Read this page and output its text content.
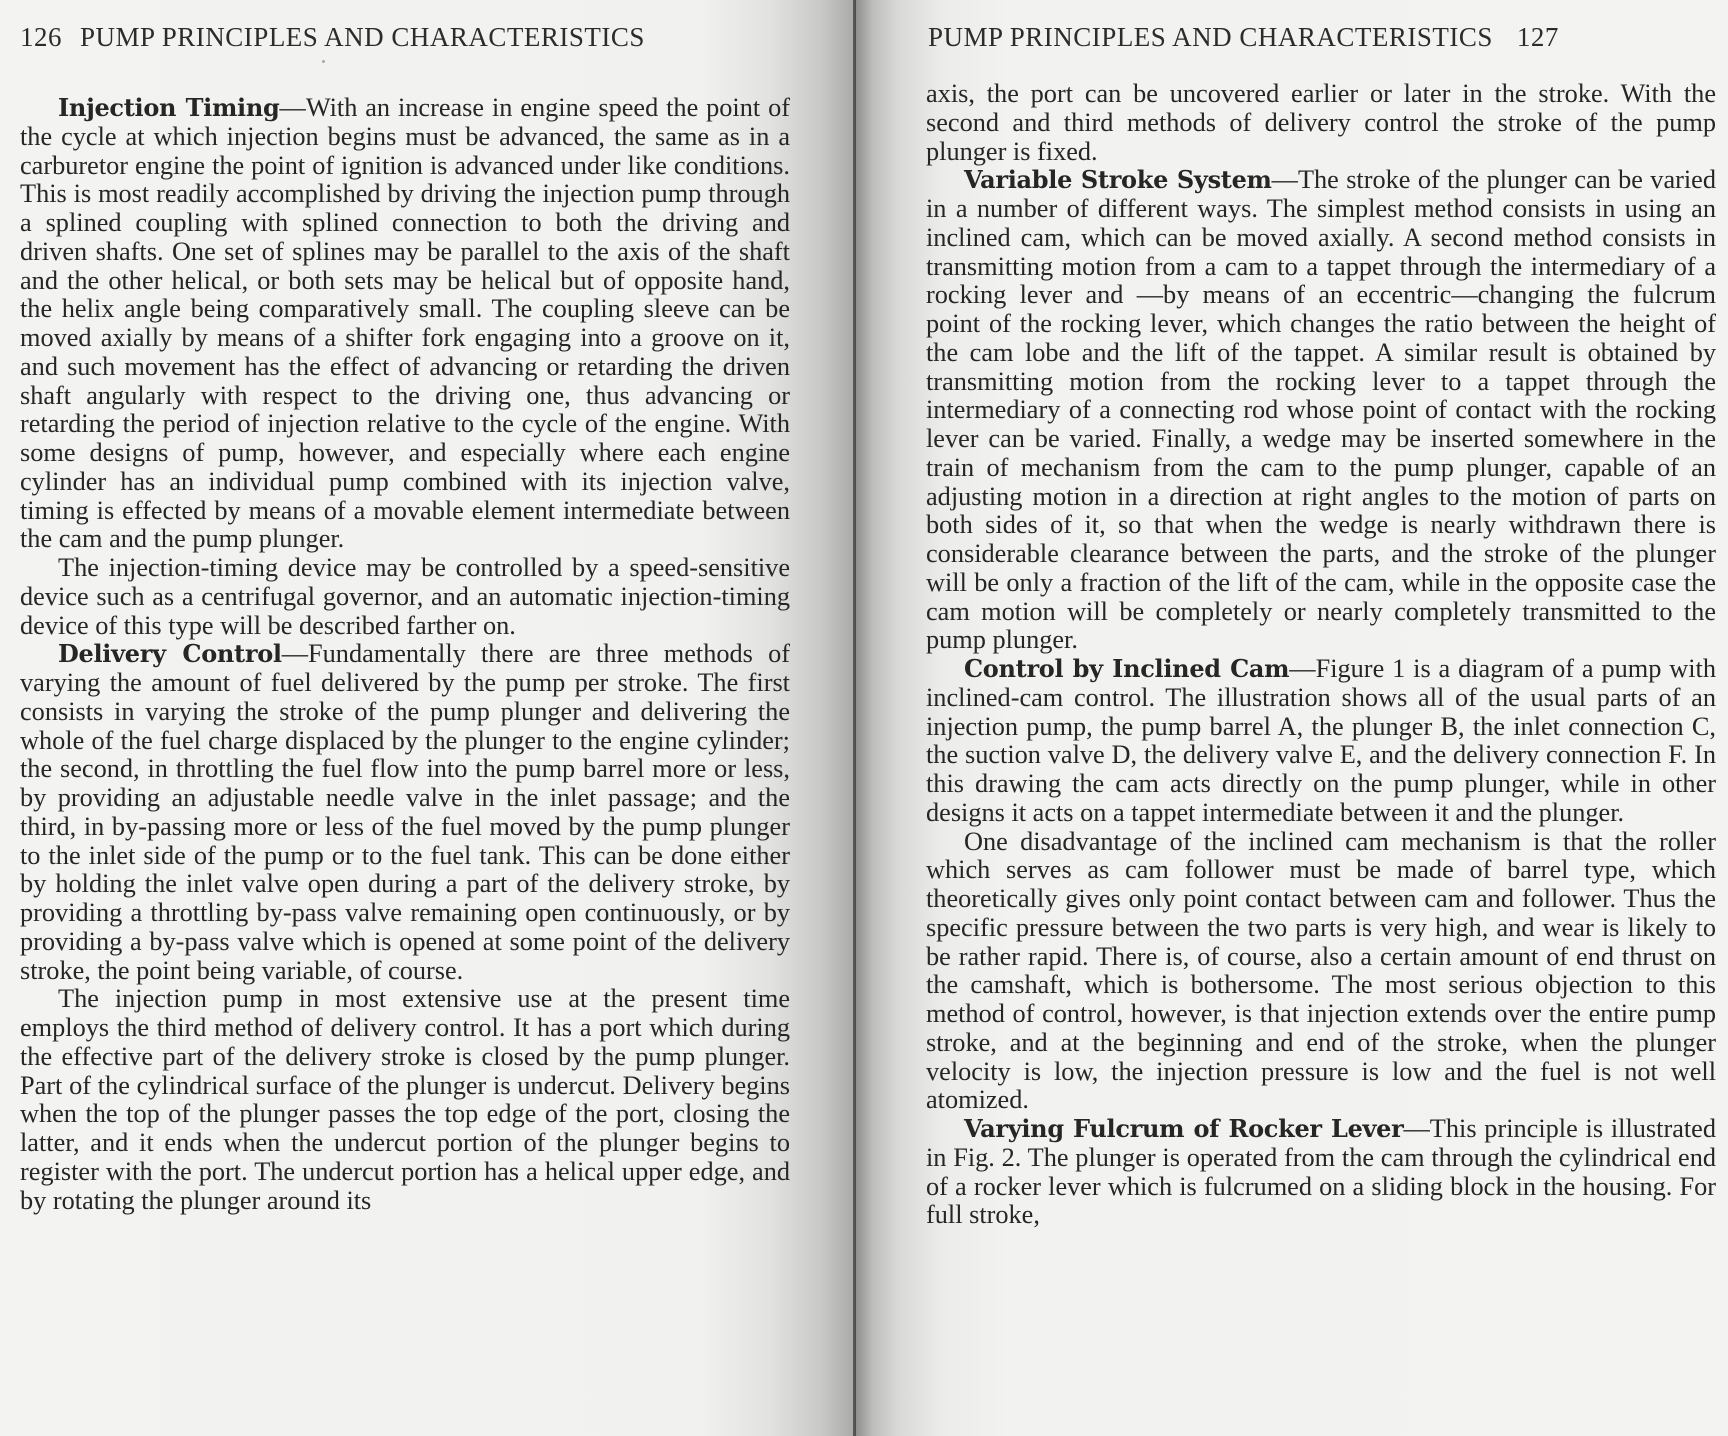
126 PUMP PRINCIPLES AND CHARACTERISTICS

Injection Timing—With an increase in engine speed the point of the cycle at which injection begins must be advanced, the same as in a carburetor engine the point of ignition is advanced under like conditions. This is most readily accomplished by driving the injection pump through a splined coupling with splined connection to both the driving and driven shafts. One set of splines may be parallel to the axis of the shaft and the other helical, or both sets may be helical but of opposite hand, the helix angle being comparatively small. The coupling sleeve can be moved axially by means of a shifter fork engaging into a groove on it, and such movement has the effect of advancing or retarding the driven shaft angularly with respect to the driving one, thus advancing or retarding the period of injection relative to the cycle of the engine. With some designs of pump, however, and especially where each engine cylinder has an individual pump combined with its injection valve, timing is effected by means of a movable element intermediate between the cam and the pump plunger.

The injection-timing device may be controlled by a speed-sensitive device such as a centrifugal governor, and an automatic injection-timing device of this type will be described farther on.

Delivery Control—Fundamentally there are three methods of varying the amount of fuel delivered by the pump per stroke. The first consists in varying the stroke of the pump plunger and delivering the whole of the fuel charge displaced by the plunger to the engine cylinder; the second, in throttling the fuel flow into the pump barrel more or less, by providing an adjustable needle valve in the inlet passage; and the third, in by-passing more or less of the fuel moved by the pump plunger to the inlet side of the pump or to the fuel tank. This can be done either by holding the inlet valve open during a part of the delivery stroke, by providing a throttling by-pass valve remaining open continuously, or by providing a by-pass valve which is opened at some point of the delivery stroke, the point being variable, of course.

The injection pump in most extensive use at the present time employs the third method of delivery control. It has a port which during the effective part of the delivery stroke is closed by the pump plunger. Part of the cylindrical surface of the plunger is undercut. Delivery begins when the top of the plunger passes the top edge of the port, closing the latter, and it ends when the undercut portion of the plunger begins to register with the port. The undercut portion has a helical upper edge, and by rotating the plunger around its

PUMP PRINCIPLES AND CHARACTERISTICS 127

axis, the port can be uncovered earlier or later in the stroke. With the second and third methods of delivery control the stroke of the pump plunger is fixed.

Variable Stroke System—The stroke of the plunger can be varied in a number of different ways. The simplest method consists in using an inclined cam, which can be moved axially. A second method consists in transmitting motion from a cam to a tappet through the intermediary of a rocking lever and —by means of an eccentric—changing the fulcrum point of the rocking lever, which changes the ratio between the height of the cam lobe and the lift of the tappet. A similar result is obtained by transmitting motion from the rocking lever to a tappet through the intermediary of a connecting rod whose point of contact with the rocking lever can be varied. Finally, a wedge may be inserted somewhere in the train of mechanism from the cam to the pump plunger, capable of an adjusting motion in a direction at right angles to the motion of parts on both sides of it, so that when the wedge is nearly withdrawn there is considerable clearance between the parts, and the stroke of the plunger will be only a fraction of the lift of the cam, while in the opposite case the cam motion will be completely or nearly completely transmitted to the pump plunger.

Control by Inclined Cam—Figure 1 is a diagram of a pump with inclined-cam control. The illustration shows all of the usual parts of an injection pump, the pump barrel A, the plunger B, the inlet connection C, the suction valve D, the delivery valve E, and the delivery connection F. In this drawing the cam acts directly on the pump plunger, while in other designs it acts on a tappet intermediate between it and the plunger.

One disadvantage of the inclined cam mechanism is that the roller which serves as cam follower must be made of barrel type, which theoretically gives only point contact between cam and follower. Thus the specific pressure between the two parts is very high, and wear is likely to be rather rapid. There is, of course, also a certain amount of end thrust on the camshaft, which is bothersome. The most serious objection to this method of control, however, is that injection extends over the entire pump stroke, and at the beginning and end of the stroke, when the plunger velocity is low, the injection pressure is low and the fuel is not well atomized.

Varying Fulcrum of Rocker Lever—This principle is illustrated in Fig. 2. The plunger is operated from the cam through the cylindrical end of a rocker lever which is fulcrumed on a sliding block in the housing. For full stroke,
